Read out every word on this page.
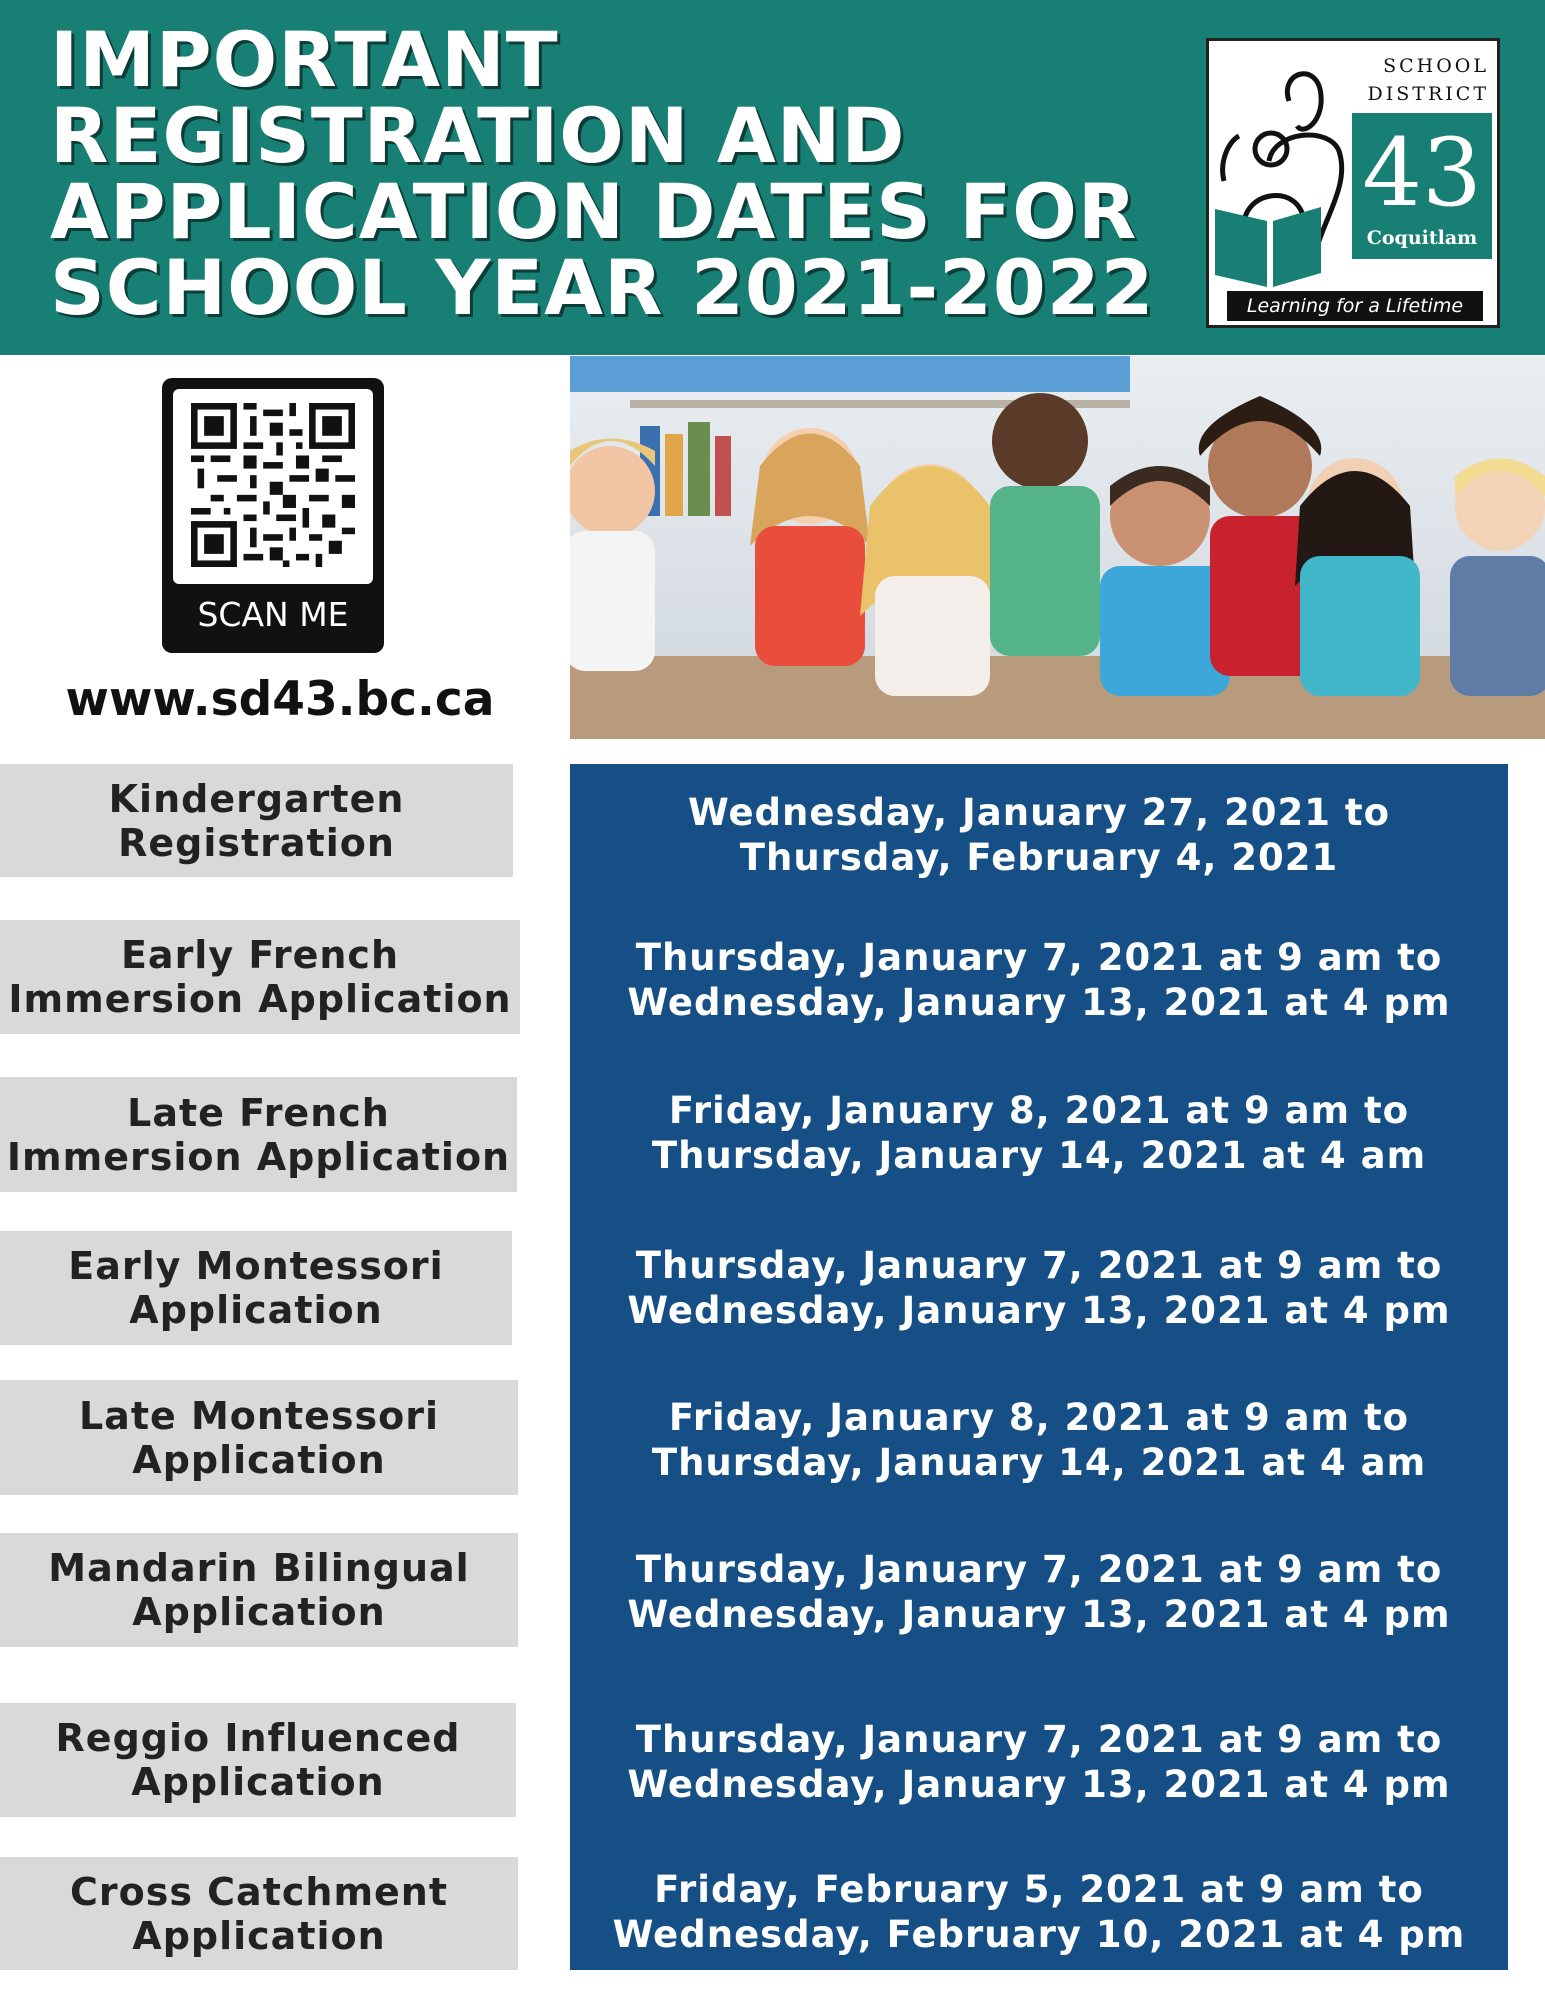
IMPORTANT
REGISTRATION AND
APPLICATION DATES FOR
SCHOOL YEAR 2021-2022
SCHOOL
DISTRICT
43
Coquitlam
Learning for a Lifetime
SCAN ME

www.sd43.bc.ca

Kindergarten
Registration
Wednesday, January 27, 2021 to
Thursday, February 4, 2021
Early French
Immersion Application
Thursday, January 7, 2021 at 9 am to
Wednesday, January 13, 2021 at 4 pm
Late French
Immersion Application
Friday, January 8, 2021 at 9 am to
Thursday, January 14, 2021 at 4 am
Early Montessori
Application
Thursday, January 7, 2021 at 9 am to
Wednesday, January 13, 2021 at 4 pm
Late Montessori
Application
Friday, January 8, 2021 at 9 am to
Thursday, January 14, 2021 at 4 am
Mandarin Bilingual
Application
Thursday, January 7, 2021 at 9 am to
Wednesday, January 13, 2021 at 4 pm
Reggio Influenced
Application
Thursday, January 7, 2021 at 9 am to
Wednesday, January 13, 2021 at 4 pm
Cross Catchment
Application
Friday, February 5, 2021 at 9 am to
Wednesday, February 10, 2021 at 4 pm
